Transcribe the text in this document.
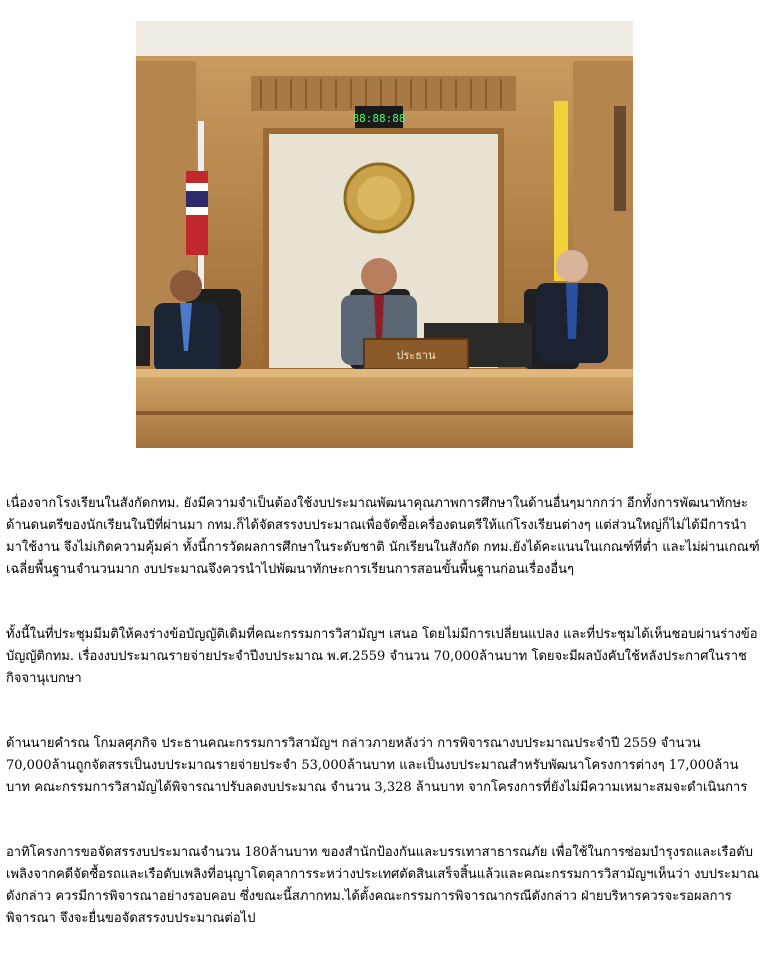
88:88:88
ประธาน

เนื่องจากโรงเรียนในสังกัดกทม. ยังมีความจำเป็นต้องใช้งบประมาณพัฒนาคุณภาพการศึกษาในด้านอื่นๆมากกว่า อีกทั้งการพัฒนาทักษะด้านดนตรีของนักเรียนในปีที่ผ่านมา กทม.ก็ได้จัดสรรงบประมาณเพื่อจัดซื้อเครื่องดนตรีให้แก่โรงเรียนต่างๆ แต่ส่วนใหญ่ก็ไม่ได้มีการนำมาใช้งาน จึงไม่เกิดความคุ้มค่า ทั้งนี้การวัดผลการศึกษาในระดับชาติ นักเรียนในสังกัด กทม.ยังได้คะแนนในเกณฑ์ที่ต่ำ และไม่ผ่านเกณฑ์เฉลี่ยพื้นฐานจำนวนมาก งบประมาณจึงควรนำไปพัฒนาทักษะการเรียนการสอนขั้นพื้นฐานก่อนเรื่องอื่นๆ

ทั้งนี้ในที่ประชุมมีมติให้คงร่างข้อบัญญัติเดิมที่คณะกรรมการวิสามัญฯ เสนอ โดยไม่มีการเปลี่ยนแปลง และที่ประชุมได้เห็นชอบผ่านร่างข้อบัญญัติกทม. เรื่องงบประมาณรายจ่ายประจำปีงบประมาณ พ.ศ.2559 จำนวน 70,000ล้านบาท โดยจะมีผลบังคับใช้หลังประกาศในราชกิจจานุเบกษา

ด้านนายคำรณ โกมลศุภกิจ ประธานคณะกรรมการวิสามัญฯ กล่าวภายหลังว่า การพิจารณางบประมาณประจำปี 2559 จำนวน 70,000ล้านถูกจัดสรรเป็นงบประมาณรายจ่ายประจำ 53,000ล้านบาท และเป็นงบประมาณสำหรับพัฒนาโครงการต่างๆ 17,000ล้านบาท คณะกรรมการวิสามัญได้พิจารณาปรับลดงบประมาณ จำนวน 3,328 ล้านบาท จากโครงการที่ยังไม่มีความเหมาะสมจะดำเนินการ

อาทิโครงการขอจัดสรรงบประมาณจำนวน 180ล้านบาท ของสำนักป้องกันและบรรเทาสาธารณภัย เพื่อใช้ในการซ่อมบำรุงรถและเรือดับเพลิงจากคดีจัดซื้อรถและเรือดับเพลิงที่อนุญาโตตุลาการระหว่างประเทศตัดสินเสร็จสิ้นแล้วและคณะกรรมการวิสามัญฯเห็นว่า งบประมาณดังกล่าว ควรมีการพิจารณาอย่างรอบคอบ ซึ่งขณะนี้สภากทม.ได้ตั้งคณะกรรมการพิจารณากรณีดังกล่าว ฝ่ายบริหารควรจะรอผลการพิจารณา จึงจะยื่นขอจัดสรรงบประมาณต่อไป
